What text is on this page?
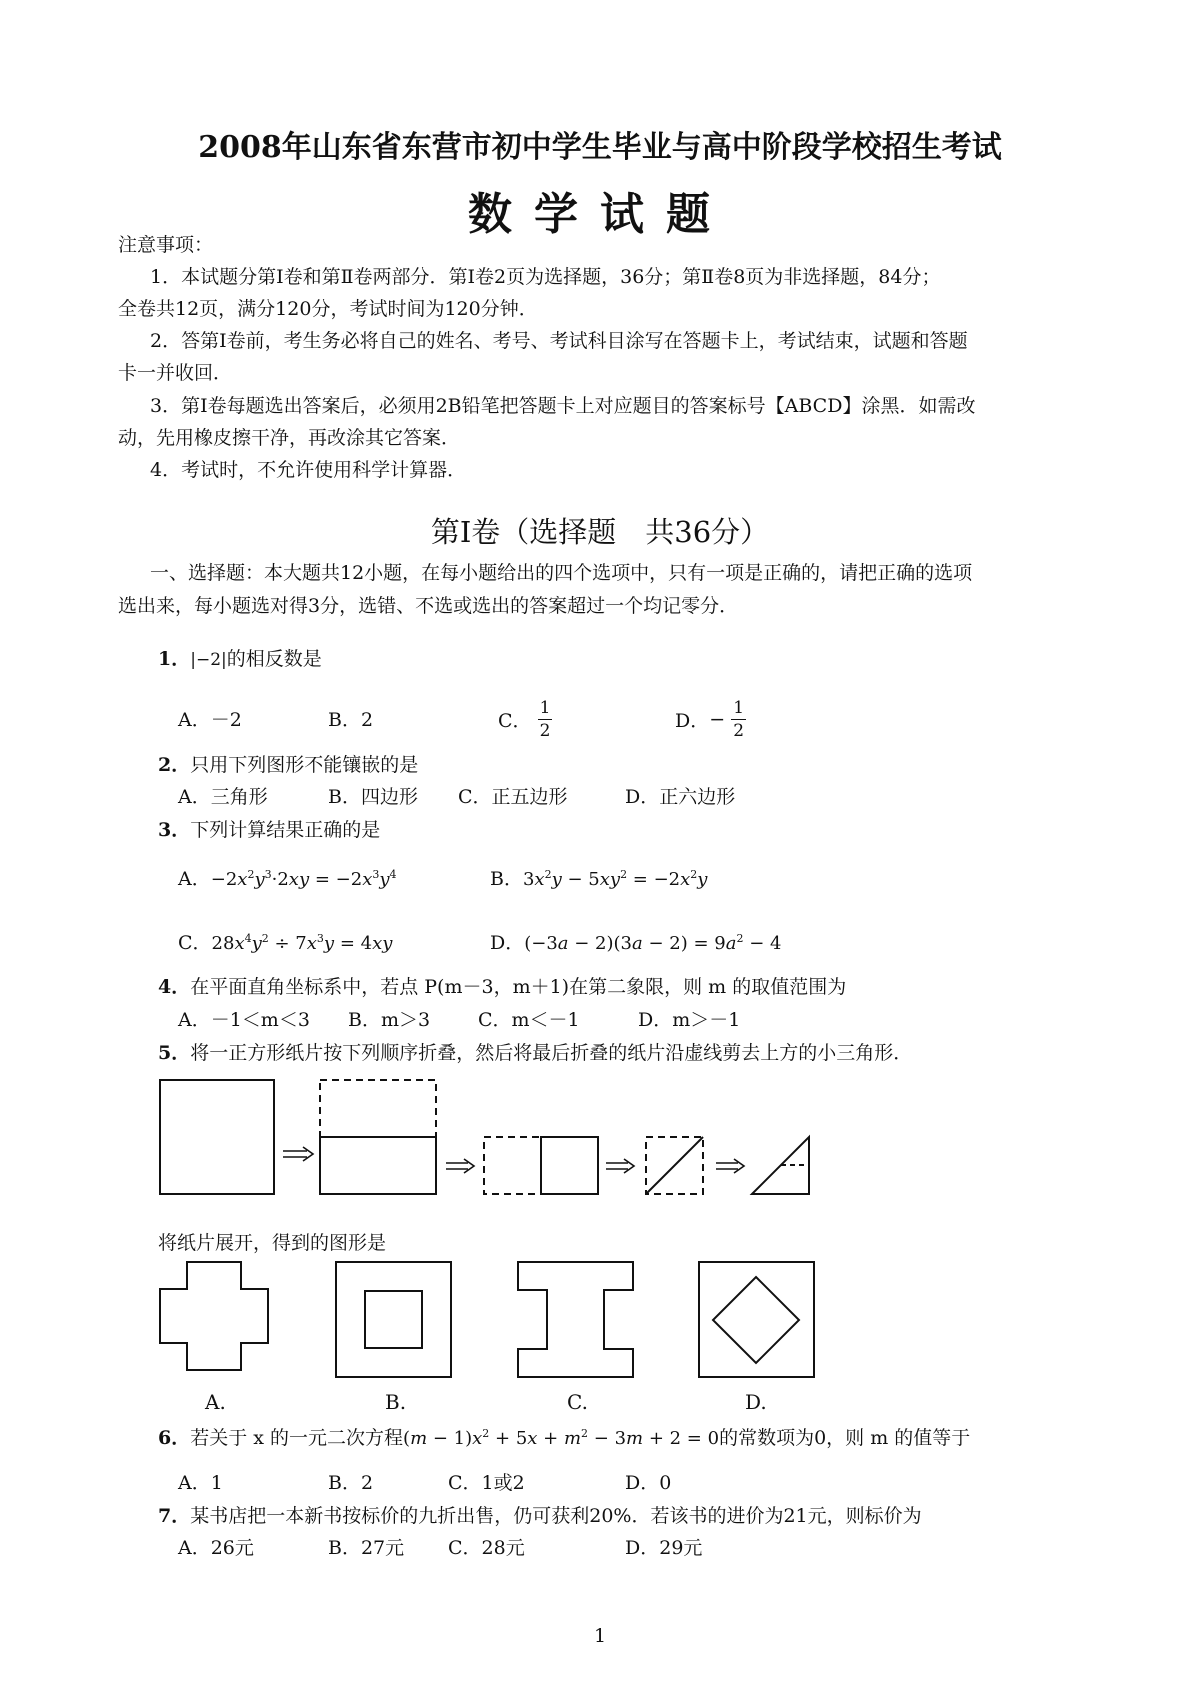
2008年山东省东营市初中学生毕业与高中阶段学校招生考试
数学试题
注意事项：
1．本试题分第Ⅰ卷和第Ⅱ卷两部分．第Ⅰ卷2页为选择题，36分；第Ⅱ卷8页为非选择题，84分；
全卷共12页，满分120分，考试时间为120分钟．
2．答第Ⅰ卷前，考生务必将自己的姓名、考号、考试科目涂写在答题卡上，考试结束，试题和答题
卡一并收回．
3．第Ⅰ卷每题选出答案后，必须用2B铅笔把答题卡上对应题目的答案标号【ABCD】涂黑．如需改
动，先用橡皮擦干净，再改涂其它答案．
4．考试时，不允许使用科学计算器．
第Ⅰ卷（选择题　共36分）
一、选择题：本大题共12小题，在每小题给出的四个选项中，只有一项是正确的，请把正确的选项
选出来，每小题选对得3分，选错、不选或选出的答案超过一个均记零分．
1．|−2|的相反数是
A．－2	B．2	C． $\frac{1}{2}$	D．− $\frac{1}{2}$
2．只用下列图形不能镶嵌的是
A．三角形	B．四边形 C．正五边形	D．正六边形
3．下列计算结果正确的是
A．$-2x^2y^3\cdot 2xy = -2x^3y^4$	B．$3x^2y - 5xy^2 = -2x^2y$
C．$28x^4y^2 \div 7x^3y = 4xy$	D．$(-3a - 2)(3a - 2) = 9a^2 - 4$
4．在平面直角坐标系中，若点 P(m－3，m＋1)在第二象限，则 m 的取值范围为
A．－1＜m＜3 B．m＞3	C．m＜－1	D．m＞－1
5．将一正方形纸片按下列顺序折叠，然后将最后折叠的纸片沿虚线剪去上方的小三角形．
将纸片展开，得到的图形是
A.	B.	C.	D.
6．若关于 x 的一元二次方程$(m - 1)x^2 + 5x + m^2 - 3m + 2 = 0$的常数项为0，则 m 的值等于
A．1	B．2	C．1或2	D．0
7．某书店把一本新书按标价的九折出售，仍可获利20%．若该书的进价为21元，则标价为
A．26元	B．27元 C．28元	D．29元
1
